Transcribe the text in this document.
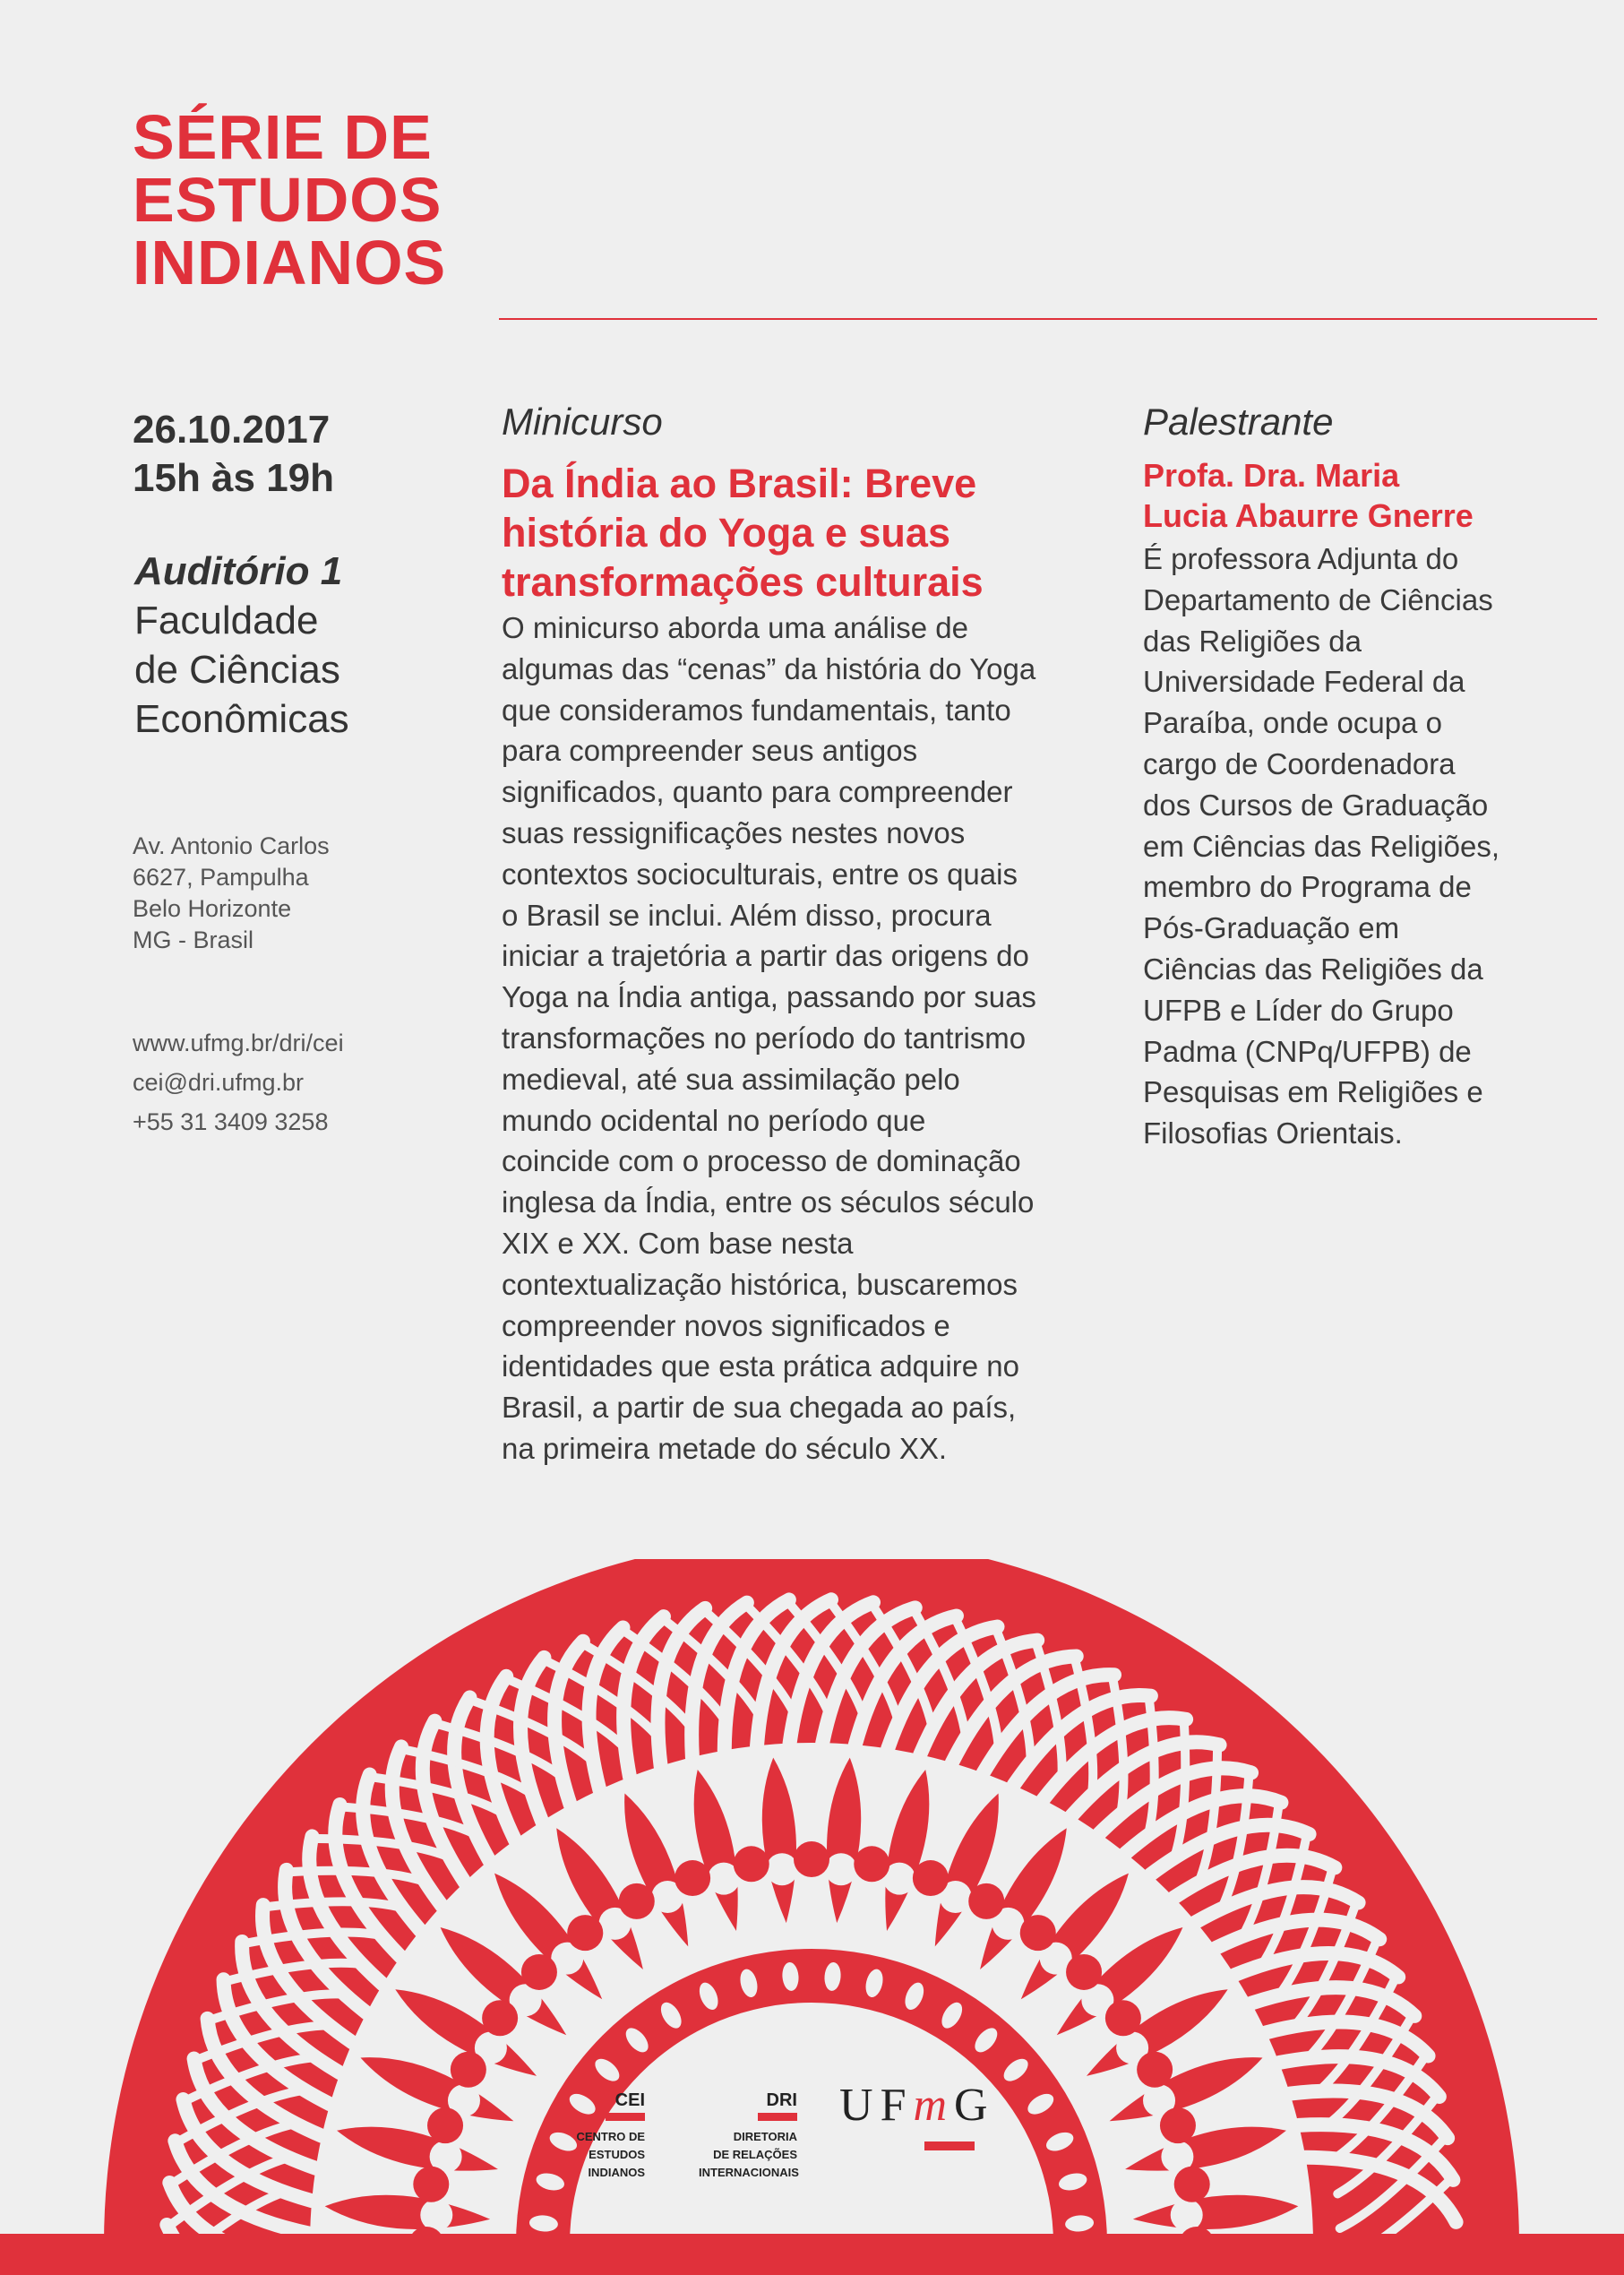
SÉRIE DE
ESTUDOS
INDIANOS
26.10.2017
15h às 19h
Auditório 1
Faculdade
de Ciências
Econômicas
Av. Antonio Carlos
6627, Pampulha
Belo Horizonte
MG - Brasil
www.ufmg.br/dri/cei
cei@dri.ufmg.br
+55 31 3409 3258
Minicurso
Da Índia ao Brasil: Breve
história do Yoga e suas
transformações culturais
O minicurso aborda uma análise de
algumas das “cenas” da história do Yoga
que consideramos fundamentais, tanto
para compreender seus antigos
significados, quanto para compreender
suas ressignificações nestes novos
contextos socioculturais, entre os quais
o Brasil se inclui. Além disso, procura
iniciar a trajetória a partir das origens do
Yoga na Índia antiga, passando por suas
transformações no período do tantrismo
medieval, até sua assimilação pelo
mundo ocidental no período que
coincide com o processo de dominação
inglesa da Índia, entre os séculos século
XIX e XX. Com base nesta
contextualização histórica, buscaremos
compreender novos significados e
identidades que esta prática adquire no
Brasil, a partir de sua chegada ao país,
na primeira metade do século XX.
Palestrante
Profa. Dra. Maria
Lucia Abaurre Gnerre
É professora Adjunta do
Departamento de Ciências
das Religiões da
Universidade Federal da
Paraíba, onde ocupa o
cargo de Coordenadora
dos Cursos de Graduação
em Ciências das Religiões,
membro do Programa de
Pós-Graduação em
Ciências das Religiões da
UFPB e Líder do Grupo
Padma (CNPq/UFPB) de
Pesquisas em Religiões e
Filosofias Orientais.
CEI
CENTRO DE
ESTUDOS
INDIANOS
DRI
DIRETORIA
DE RELAÇÕES
INTERNACIONAIS
UFmG
